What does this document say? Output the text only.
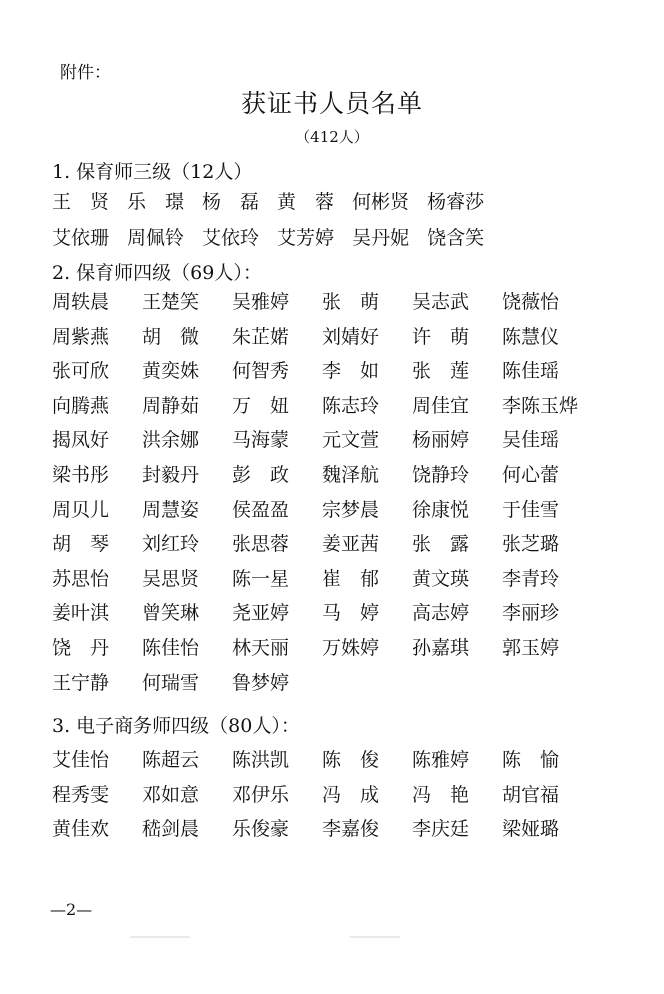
附件：
获证书人员名单
（412人）
1. 保育师三级（12人）
王　贤 乐　璟 杨　磊 黄　蓉 何彬贤 杨睿莎
艾依珊 周佩铃 艾依玲 艾芳婷 吴丹妮 饶含笑
2. 保育师四级（69人）：
周轶晨 王楚笑 吴雅婷 张　萌 吴志武 饶薇怡
周紫燕 胡　微 朱芷婼 刘婧好 许　萌 陈慧仪
张可欣 黄奕姝 何智秀 李　如 张　莲 陈佳瑶
向腾燕 周静茹 万　妞 陈志玲 周佳宜 李陈玉烨
揭凤好 洪余娜 马海蒙 元文萱 杨丽婷 吴佳瑶
梁书彤 封毅丹 彭　政 魏泽航 饶静玲 何心蕾
周贝儿 周慧姿 侯盈盈 宗梦晨 徐康悦 于佳雪
胡　琴 刘红玲 张思蓉 姜亚茜 张　露 张芝璐
苏思怡 吴思贤 陈一星 崔　郁 黄文瑛 李青玲
姜叶淇 曾笑琳 尧亚婷 马　婷 高志婷 李丽珍
饶　丹 陈佳怡 林天丽 万姝婷 孙嘉琪 郭玉婷
王宁静 何瑞雪 鲁梦婷
3. 电子商务师四级（80人）：
艾佳怡 陈超云 陈洪凯 陈　俊 陈雅婷 陈　愉
程秀雯 邓如意 邓伊乐 冯　成 冯　艳 胡官福
黄佳欢 嵇剑晨 乐俊豪 李嘉俊 李庆廷 梁娅璐
—2—
